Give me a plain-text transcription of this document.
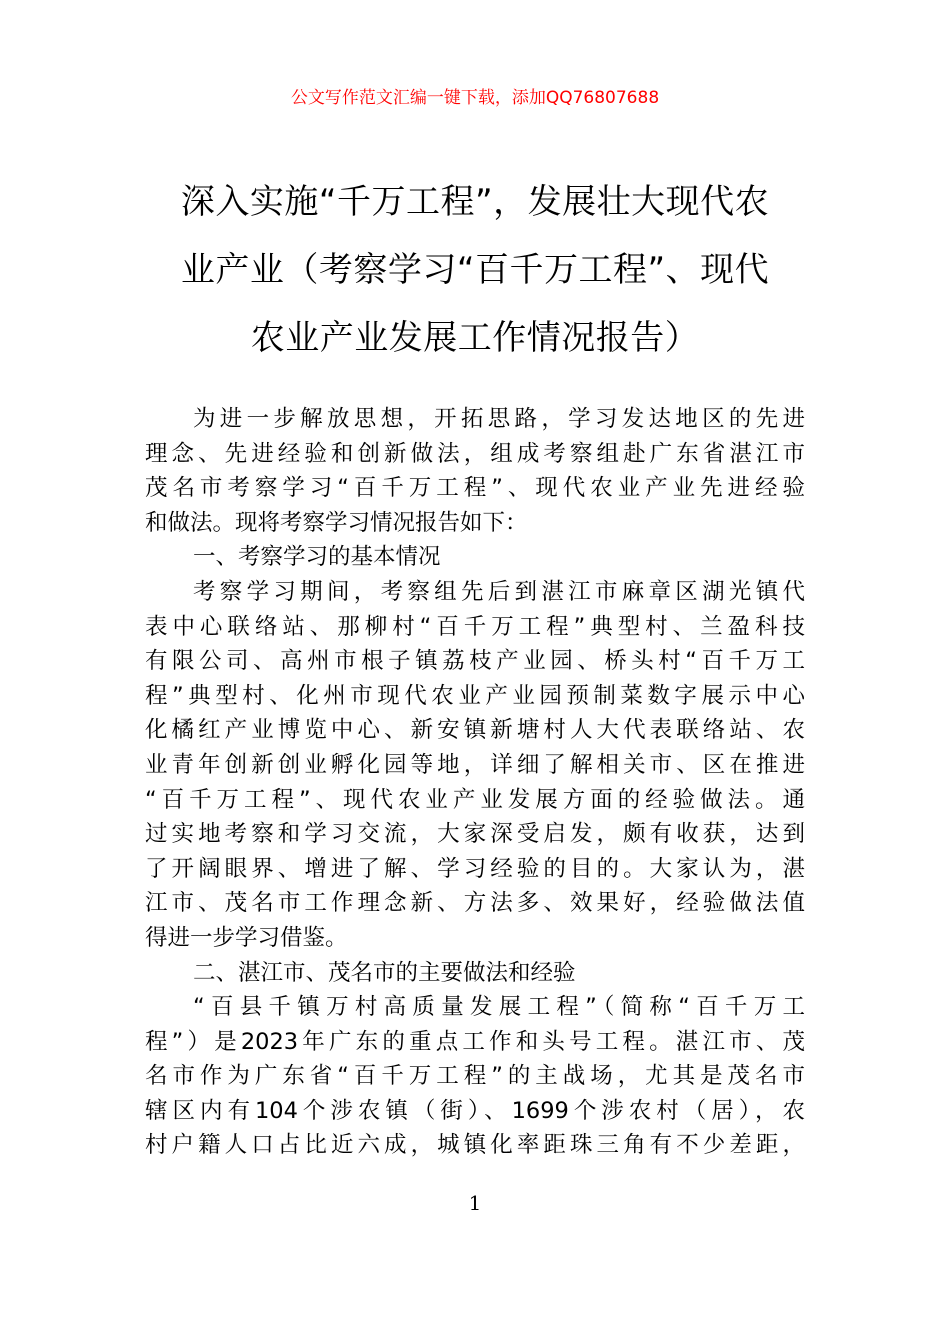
公文写作范文汇编一键下载，添加QQ76807688
深入实施“千万工程”，发展壮大现代农
业产业（考察学习“百千万工程”、现代
农业产业发展工作情况报告）
为进一步解放思想，开拓思路，学习发达地区的先进
理念、先进经验和创新做法，组成考察组赴广东省湛江市
茂名市考察学习“百千万工程”、现代农业产业先进经验
和做法。现将考察学习情况报告如下：
一、考察学习的基本情况
考察学习期间，考察组先后到湛江市麻章区湖光镇代
表中心联络站、那柳村“百千万工程”典型村、兰盈科技
有限公司、高州市根子镇荔枝产业园、桥头村“百千万工
程”典型村、化州市现代农业产业园预制菜数字展示中心
化橘红产业博览中心、新安镇新塘村人大代表联络站、农
业青年创新创业孵化园等地，详细了解相关市、区在推进
“百千万工程”、现代农业产业发展方面的经验做法。通
过实地考察和学习交流，大家深受启发，颇有收获，达到
了开阔眼界、增进了解、学习经验的目的。大家认为，湛
江市、茂名市工作理念新、方法多、效果好，经验做法值
得进一步学习借鉴。
二、湛江市、茂名市的主要做法和经验
“百县千镇万村高质量发展工程”（简称“百千万工
程”）是2023年广东的重点工作和头号工程。湛江市、茂
名市作为广东省“百千万工程”的主战场，尤其是茂名市
辖区内有104个涉农镇（街）、1699个涉农村（居），农
村户籍人口占比近六成，城镇化率距珠三角有不少差距，
1
